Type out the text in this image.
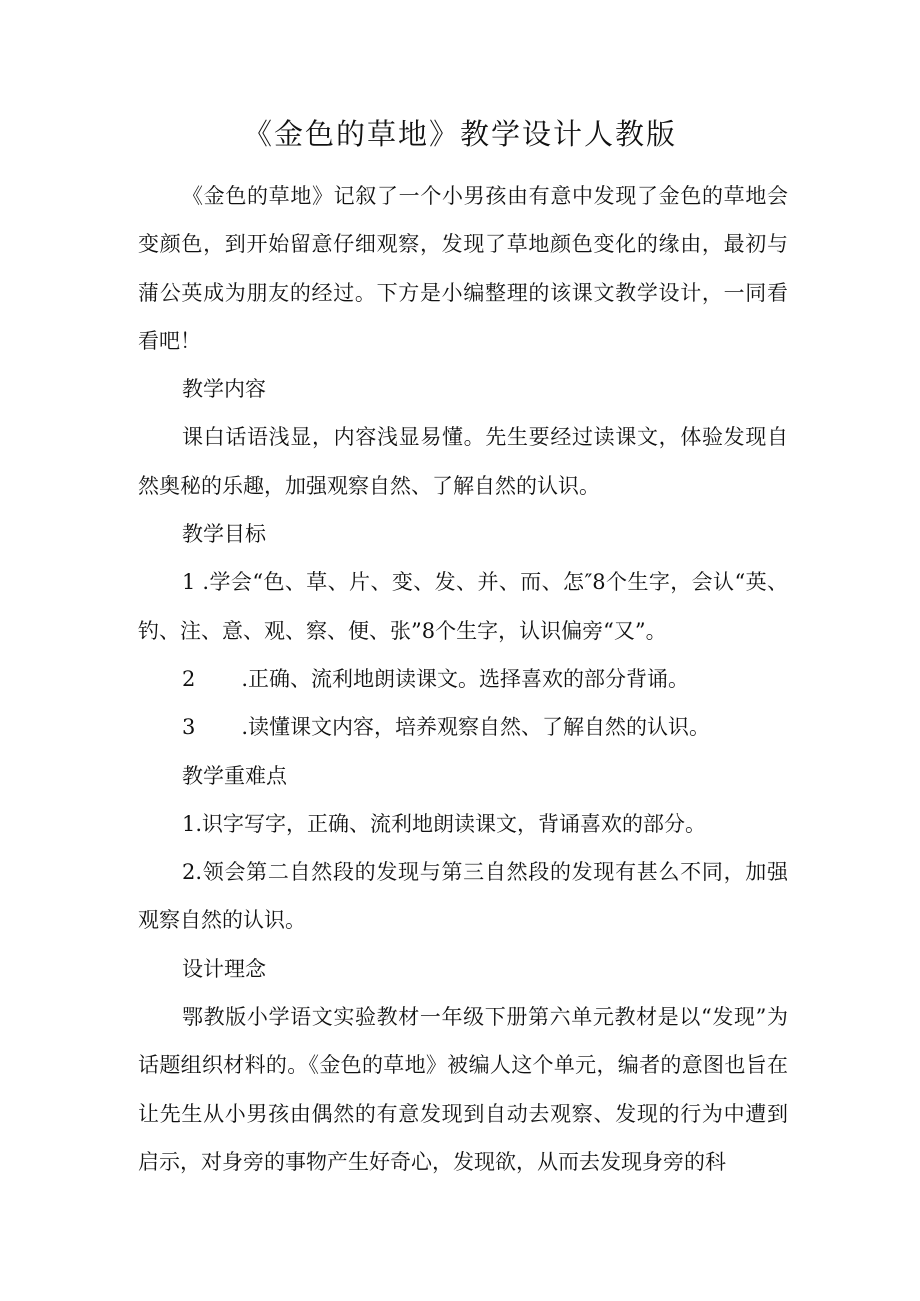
《金色的草地》教学设计人教版

《金色的草地》记叙了一个小男孩由有意中发现了金色的草地会变颜色，到开始留意仔细观察，发现了草地颜色变化的缘由，最初与蒲公英成为朋友的经过。下方是小编整理的该课文教学设计，一同看看吧！

教学内容

课白话语浅显，内容浅显易懂。先生要经过读课文，体验发现自然奥秘的乐趣，加强观察自然、了解自然的认识。

教学目标

1 .学会“色、草、片、变、发、并、而、怎″8个生字，会认“英、钓、注、意、观、察、便、张”8个生字，认识偏旁“又”。

2 .正确、流利地朗读课文。选择喜欢的部分背诵。

3 .读懂课文内容，培养观察自然、了解自然的认识。

教学重难点

1.识字写字，正确、流利地朗读课文，背诵喜欢的部分。

2.领会第二自然段的发现与第三自然段的发现有甚么不同，加强观察自然的认识。

设计理念

鄂教版小学语文实验教材一年级下册第六单元教材是以“发现”为话题组织材料的。《金色的草地》被编人这个单元，编者的意图也旨在让先生从小男孩由偶然的有意发现到自动去观察、发现的行为中遭到启示，对身旁的事物产生好奇心，发现欲，从而去发现身旁的科
